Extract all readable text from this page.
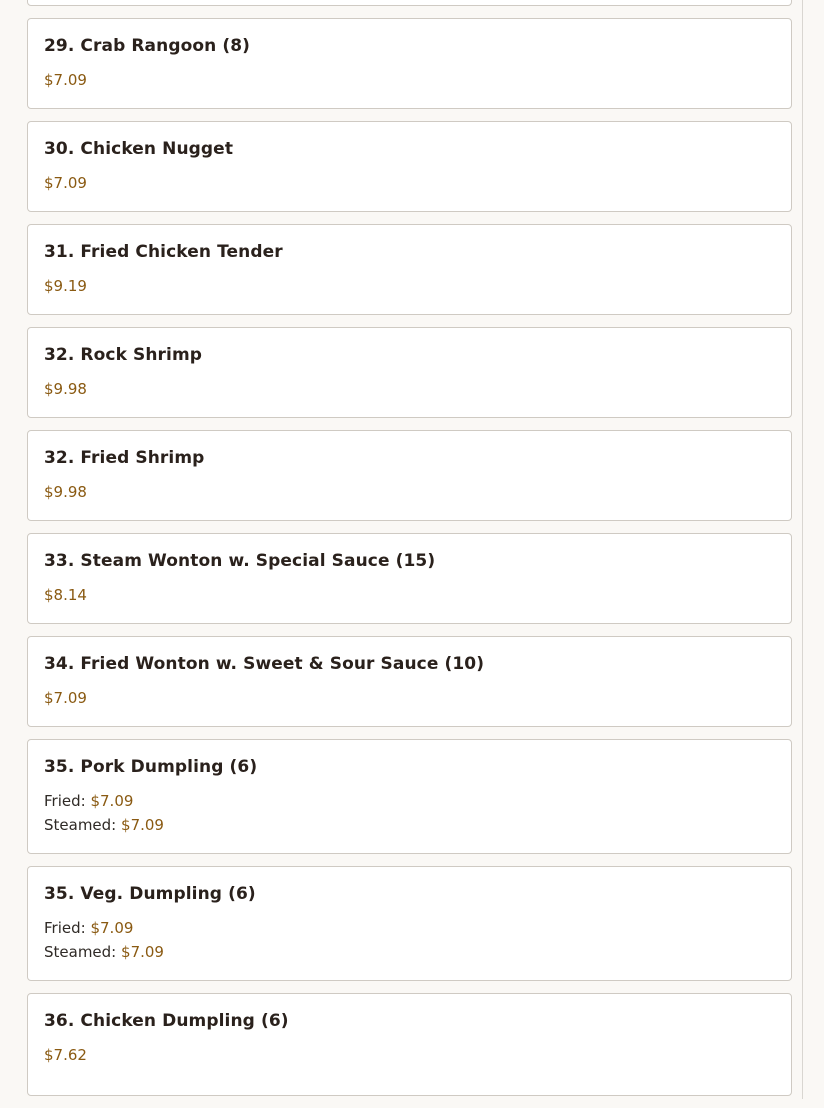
29. Crab Rangoon (8)
$7.09
30. Chicken Nugget
$7.09
31. Fried Chicken Tender
$9.19
32. Rock Shrimp
$9.98
32. Fried Shrimp
$9.98
33. Steam Wonton w. Special Sauce (15)
$8.14
34. Fried Wonton w. Sweet & Sour Sauce (10)
$7.09
35. Pork Dumpling (6)
Fried: $7.09
Steamed: $7.09
35. Veg. Dumpling (6)
Fried: $7.09
Steamed: $7.09
36. Chicken Dumpling (6)
$7.62
